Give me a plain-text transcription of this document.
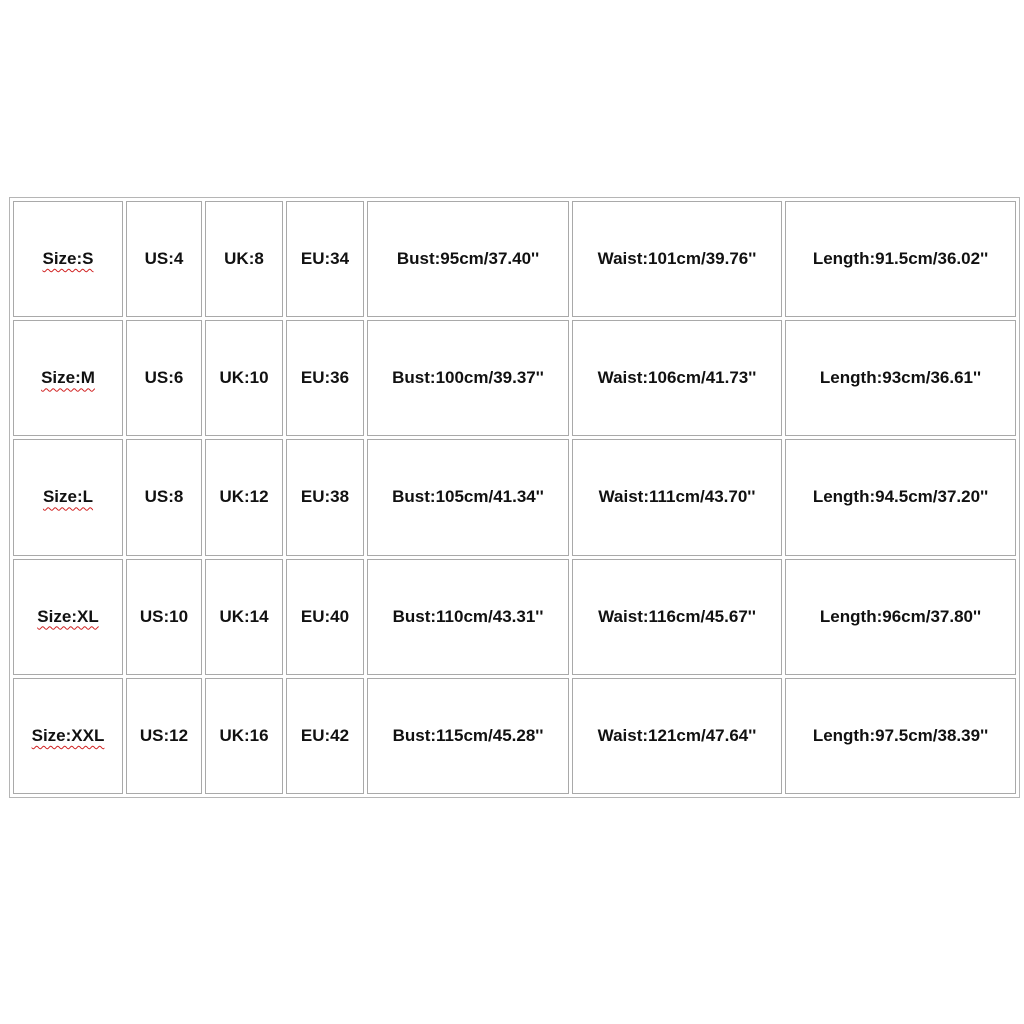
Size:S	US:4	UK:8	EU:34	Bust:95cm/37.40''	Waist:101cm/39.76''	Length:91.5cm/36.02''
Size:M	US:6	UK:10	EU:36	Bust:100cm/39.37''	Waist:106cm/41.73''	Length:93cm/36.61''
Size:L	US:8	UK:12	EU:38	Bust:105cm/41.34''	Waist:111cm/43.70''	Length:94.5cm/37.20''
Size:XL	US:10	UK:14	EU:40	Bust:110cm/43.31''	Waist:116cm/45.67''	Length:96cm/37.80''
Size:XXL	US:12	UK:16	EU:42	Bust:115cm/45.28''	Waist:121cm/47.64''	Length:97.5cm/38.39''
